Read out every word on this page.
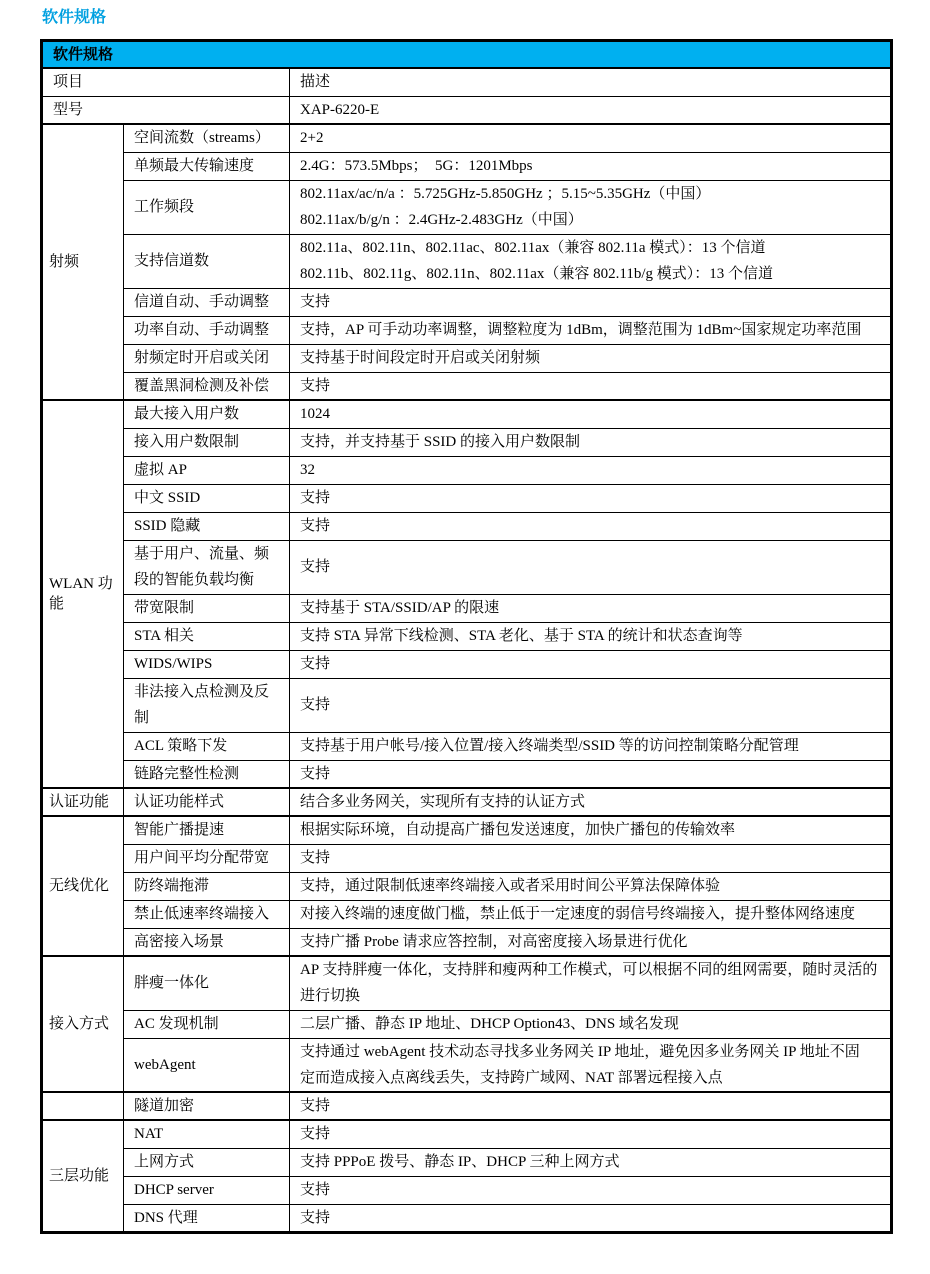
软件规格
软件规格		
项目		描述
型号		XAP-6220-E
射频	空间流数（streams）	2+2
	单频最大传输速度	2.4G：573.5Mbps；　5G：1201Mbps
	工作频段	802.11ax/ac/n/a ：5.725GHz-5.850GHz ；5.15~5.35GHz（中国）
802.11ax/b/g/n ：2.4GHz-2.483GHz（中国）

	支持信道数	802.11a、802.11n、802.11ac、802.11ax（兼容 802.11a 模式）：13 个信道
802.11b、802.11g、802.11n、802.11ax（兼容 802.11b/g 模式）：13 个信道

	信道自动、手动调整	支持
	功率自动、手动调整	支持，AP 可手动功率调整，调整粒度为 1dBm，调整范围为 1dBm~国家规定功率范围
	射频定时开启或关闭	支持基于时间段定时开启或关闭射频
	覆盖黑洞检测及补偿	支持
WLAN 功能	最大接入用户数	1024
	接入用户数限制	支持，并支持基于 SSID 的接入用户数限制
	虚拟 AP	32
	中文 SSID	支持
	SSID 隐藏	支持
	基于用户、流量、频段的智能负载均衡	支持
	带宽限制	支持基于 STA/SSID/AP 的限速
	STA 相关	支持 STA 异常下线检测、STA 老化、基于 STA 的统计和状态查询等
	WIDS/WIPS	支持
	非法接入点检测及反制	支持
	ACL 策略下发	支持基于用户帐号/接入位置/接入终端类型/SSID 等的访问控制策略分配管理
	链路完整性检测	支持
认证功能	认证功能样式	结合多业务网关，实现所有支持的认证方式
无线优化	智能广播提速	根据实际环境，自动提高广播包发送速度，加快广播包的传输效率
	用户间平均分配带宽	支持
	防终端拖滞	支持，通过限制低速率终端接入或者采用时间公平算法保障体验
	禁止低速率终端接入	对接入终端的速度做门槛，禁止低于一定速度的弱信号终端接入，提升整体网络速度
	高密接入场景	支持广播 Probe 请求应答控制，对高密度接入场景进行优化
接入方式	胖瘦一体化	AP 支持胖瘦一体化，支持胖和瘦两种工作模式，可以根据不同的组网需要，随时灵活的
进行切换

	AC 发现机制	二层广播、静态 IP 地址、DHCP Option43、DNS 域名发现
	webAgent	支持通过 webAgent 技术动态寻找多业务网关 IP 地址，避免因多业务网关 IP 地址不固
定而造成接入点离线丢失，支持跨广域网、NAT 部署远程接入点

	隧道加密	支持
三层功能	NAT	支持
	上网方式	支持 PPPoE 拨号、静态 IP、DHCP 三种上网方式
	DHCP server	支持
	DNS 代理	支持
